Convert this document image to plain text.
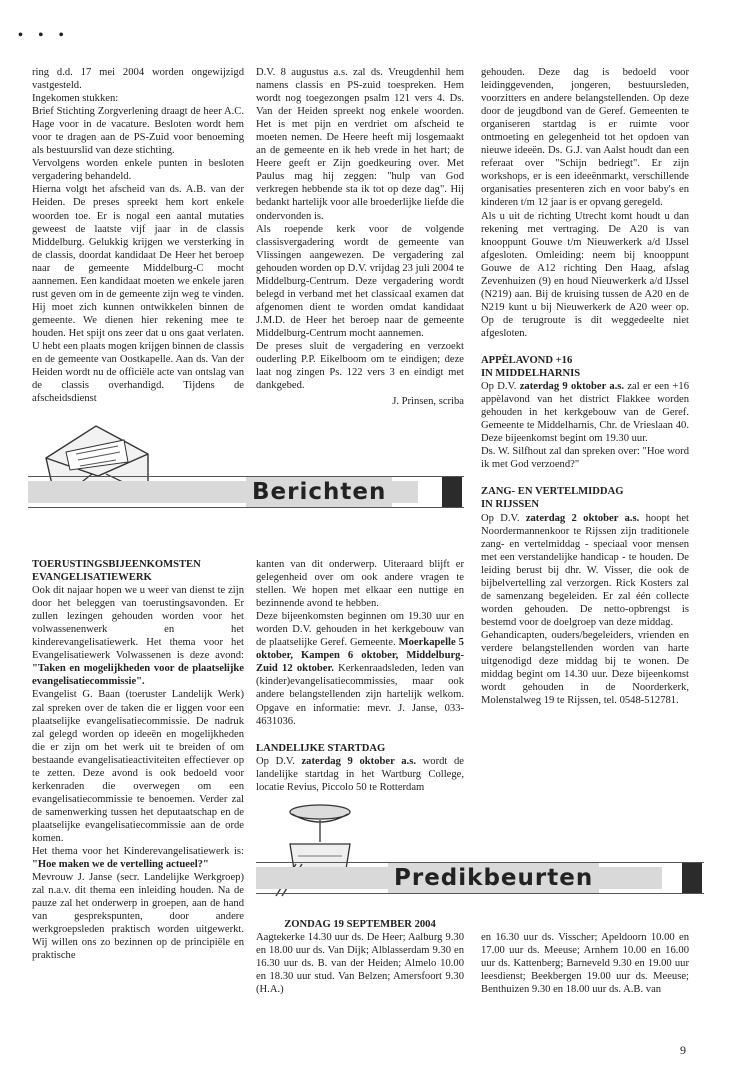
• • •

ring d.d. 17 mei 2004 worden ongewijzigd vastgesteld.

Ingekomen stukken:

Brief Stichting Zorgverlening draagt de heer A.C. Hage voor in de vacature. Besloten wordt hem voor te dragen aan de PS-Zuid voor benoeming als bestuurslid van deze stichting.

Vervolgens worden enkele punten in besloten vergadering behandeld.

Hierna volgt het afscheid van ds. A.B. van der Heiden. De preses spreekt hem kort enkele woorden toe. Er is nogal een aantal mutaties geweest de laatste vijf jaar in de classis Middelburg. Gelukkig krijgen we versterking in de classis, doordat kandidaat De Heer het beroep naar de gemeente Middelburg-C mocht aannemen. Een kandidaat moeten we enkele jaren rust geven om in de gemeente zijn weg te vinden. Hij moet zich kunnen ontwikkelen binnen de gemeente. We dienen hier rekening mee te houden. Het spijt ons zeer dat u ons gaat verlaten. U hebt een plaats mogen krijgen binnen de classis en de gemeente van Oostkapelle. Aan ds. Van der Heiden wordt nu de officiële acte van ontslag van de classis overhandigd. Tijdens de afscheidsdienst

D.V. 8 augustus a.s. zal ds. Vreugdenhil hem namens classis en PS-zuid toespreken. Hem wordt nog toegezongen psalm 121 vers 4. Ds. Van der Heiden spreekt nog enkele woorden. Het is met pijn en verdriet om afscheid te moeten nemen. De Heere heeft mij losgemaakt an de gemeente en ik heb vrede in het hart; de Heere geeft er Zijn goedkeuring over. Met Paulus mag hij zeggen: "hulp van God verkregen hebbende sta ik tot op deze dag". Hij bedankt hartelijk voor alle broederlijke liefde die ondervonden is.

Als roepende kerk voor de volgende classisvergadering wordt de gemeente van Vlissingen aangewezen. De vergadering zal gehouden worden op D.V. vrijdag 23 juli 2004 te Middelburg-Centrum. Deze vergadering wordt belegd in verband met het classicaal examen dat afgenomen dient te worden omdat kandidaat J.M.D. de Heer het beroep naar de gemeente Middelburg-Centrum mocht aannemen.

De preses sluit de vergadering en verzoekt ouderling P.P. Eikelboom om te eindigen; deze laat nog zingen Ps. 122 vers 3 en eindigt met dankgebed.

J. Prinsen, scriba

gehouden. Deze dag is bedoeld voor leidinggevenden, jongeren, bestuursleden, voorzitters en andere belangstellenden. Op deze door de jeugdbond van de Geref. Gemeenten te organiseren startdag is er ruimte voor ontmoeting en gelegenheid tot het opdoen van nieuwe ideeën. Ds. G.J. van Aalst houdt dan een referaat over "Schijn bedriegt". Er zijn workshops, er is een ideeënmarkt, verschillende organisaties presenteren zich en voor baby's en kinderen t/m 12 jaar is er opvang geregeld.

Als u uit de richting Utrecht komt houdt u dan rekening met vertraging. De A20 is van knooppunt Gouwe t/m Nieuwerkerk a/d IJssel afgesloten. Omleiding: neem bij knooppunt Gouwe de A12 richting Den Haag, afslag Zevenhuizen (9) en houd Nieuwerkerk a/d IJssel (N219) aan. Bij de kruising tussen de A20 en de N219 kunt u bij Nieuwerkerk de A20 weer op. Op de terugroute is dit weggedeelte niet afgesloten.

APPÈLAVOND +16
IN MIDDELHARNIS

Op D.V. zaterdag 9 oktober a.s. zal er een +16 appèlavond van het district Flakkee worden gehouden in het kerkgebouw van de Geref. Gemeente te Middelharnis, Chr. de Vrieslaan 40. Deze bijeenkomst begint om 19.30 uur.

Ds. W. Silfhout zal dan spreken over: "Hoe word ik met God verzoend?"

ZANG- EN VERTELMIDDAG
IN RIJSSEN

Op D.V. zaterdag 2 oktober a.s. hoopt het Noordermannenkoor te Rijssen zijn traditionele zang- en vertelmiddag - speciaal voor mensen met een verstandelijke handicap - te houden. De leiding berust bij dhr. W. Visser, die ook de bijbelvertelling zal verzorgen. Rick Kosters zal de samenzang begeleiden. Er zal één collecte worden gehouden. De netto-opbrengst is bestemd voor de doelgroep van deze middag.

Gehandicapten, ouders/begeleiders, vrienden en verdere belangstellenden worden van harte uitgenodigd deze middag bij te wonen. De middag begint om 14.30 uur. Deze bijeenkomst wordt gehouden in de Noorderkerk, Molenstalweg 19 te Rijssen, tel. 0548-512781.

Berichten

TOERUSTINGSBIJEENKOMSTEN
EVANGELISATIEWERK

Ook dit najaar hopen we u weer van dienst te zijn door het beleggen van toerustingsavonden. Er zullen lezingen gehouden worden voor het volwassenenwerk en het kinderevangelisatiewerk. Het thema voor het Evangelisatiewerk Volwassenen is deze avond: "Taken en mogelijkheden voor de plaatselijke evangelisatiecommissie".

Evangelist G. Baan (toeruster Landelijk Werk) zal spreken over de taken die er liggen voor een plaatselijke evangelisatiecommissie. De nadruk zal gelegd worden op ideeën en mogelijkheden die er zijn om het werk uit te breiden of om bestaande evangelisatieactiviteiten effectiever op te zetten. Deze avond is ook bedoeld voor kerkenraden die overwegen om een evangelisatiecommissie te benoemen. Verder zal de samenwerking tussen het deputaatschap en de plaatselijke evangelisatiecommissie aan de orde komen.

Het thema voor het Kinderevangelisatiewerk is: "Hoe maken we de vertelling actueel?"

Mevrouw J. Janse (secr. Landelijke Werkgroep) zal n.a.v. dit thema een inleiding houden. Na de pauze zal het onderwerp in groepen, aan de hand van gesprekspunten, door andere werkgroepsleden praktisch worden uitgewerkt. Wij willen ons zo bezinnen op de principiële en praktische

kanten van dit onderwerp. Uiteraard blijft er gelegenheid over om ook andere vragen te stellen. We hopen met elkaar een nuttige en bezinnende avond te hebben.

Deze bijeenkomsten beginnen om 19.30 uur en worden D.V. gehouden in het kerkgebouw van de plaatselijke Geref. Gemeente. Moerkapelle 5 oktober, Kampen 6 oktober, Middelburg-Zuid 12 oktober. Kerkenraadsleden, leden van (kinder)evangelisatiecommissies, maar ook andere belangstellenden zijn hartelijk welkom. Opgave en informatie: mevr. J. Janse, 033-4631036.

LANDELIJKE STARTDAG

Op D.V. zaterdag 9 oktober a.s. wordt de landelijke startdag in het Wartburg College, locatie Revius, Piccolo 50 te Rotterdam

Predikbeurten

ZONDAG 19 SEPTEMBER 2004

Aagtekerke 14.30 uur ds. De Heer; Aalburg 9.30 en 18.00 uur ds. Van Dijk; Alblasserdam 9.30 en 16.30 uur ds. B. van der Heiden; Almelo 10.00 en 18.30 uur stud. Van Belzen; Amersfoort 9.30 (H.A.)

en 16.30 uur ds. Visscher; Apeldoorn 10.00 en 17.00 uur ds. Meeuse; Arnhem 10.00 en 16.00 uur ds. Kattenberg; Barneveld 9.30 en 19.00 uur leesdienst; Beekbergen 19.00 uur ds. Meeuse; Benthuizen 9.30 en 18.00 uur ds. A.B. van

9
